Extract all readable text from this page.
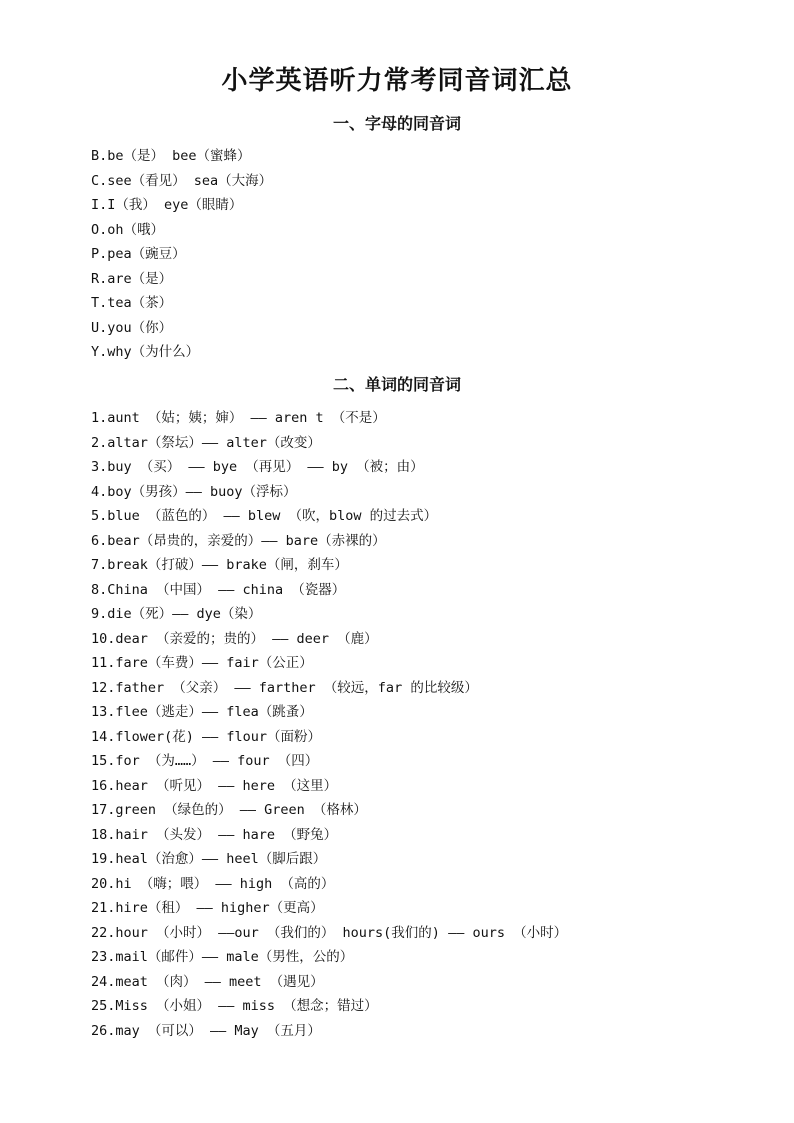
小学英语听力常考同音词汇总
一、字母的同音词
B.be（是） bee（蜜蜂）
C.see（看见） sea（大海）
I.I（我） eye（眼睛）
O.oh（哦）
P.pea（豌豆）
R.are（是）
T.tea（茶）
U.you（你）
Y.why（为什么）
二、单词的同音词
1.aunt （姑；姨；婶） —— aren t （不是）
2.altar（祭坛）—— alter（改变）
3.buy （买） —— bye （再见） —— by （被；由）
4.boy（男孩）—— buoy（浮标）
5.blue （蓝色的） —— blew （吹，blow 的过去式）
6.bear（昂贵的，亲爱的）—— bare（赤裸的）
7.break（打破）—— brake（闸，刹车）
8.China （中国） —— china （瓷器）
9.die（死）—— dye（染）
10.dear （亲爱的；贵的） —— deer （鹿）
11.fare（车费）—— fair（公正）
12.father （父亲） —— farther （较远，far 的比较级）
13.flee（逃走）—— flea（跳蚤）
14.flower(花) —— flour（面粉）
15.for （为……） —— four （四）
16.hear （听见） —— here （这里）
17.green （绿色的） —— Green （格林）
18.hair （头发） —— hare （野兔）
19.heal（治愈）—— heel（脚后跟）
20.hi （嗨；喂） —— high （高的）
21.hire（租） —— higher（更高）
22.hour （小时） ——our （我们的） hours(我们的) —— ours （小时）
23.mail（邮件）—— male（男性，公的）
24.meat （肉） —— meet （遇见）
25.Miss （小姐） —— miss （想念；错过）
26.may （可以） —— May （五月）
